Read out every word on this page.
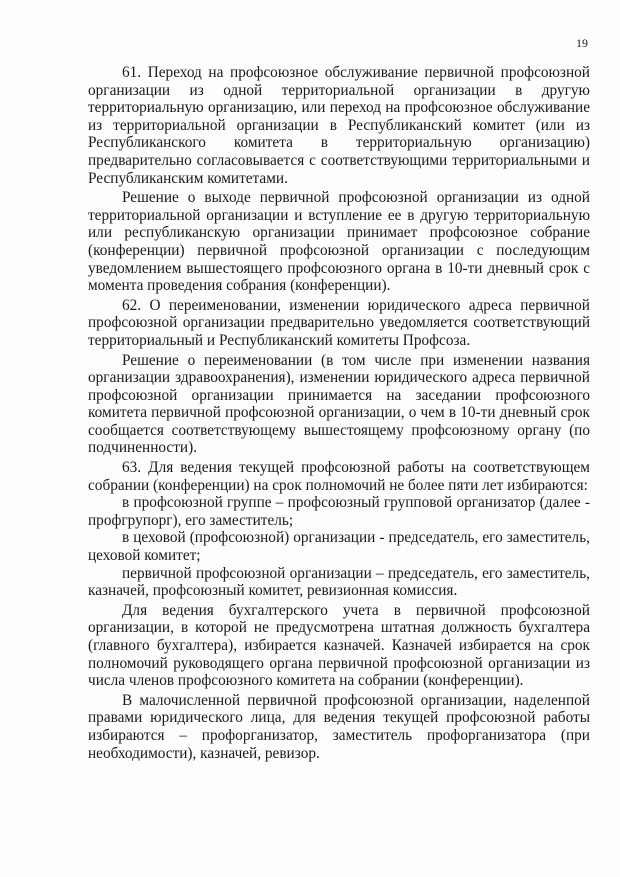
19

61. Переход на профсоюзное обслуживание первичной профсоюзной организации из одной территориальной организации в другую территориальную организацию, или переход на профсоюзное обслуживание из территориальной организации в Республиканский комитет (или из Республиканского комитета в территориальную организацию) предварительно согласовывается с соответствующими территориальными и Республиканским комитетами.

Решение о выходе первичной профсоюзной организации из одной территориальной организации и вступление ее в другую территориальную или республиканскую организации принимает профсоюзное собрание (конференции) первичной профсоюзной организации с последующим уведомлением вышестоящего профсоюзного органа в 10-ти дневный срок с момента проведения собрания (конференции).

62. О переименовании, изменении юридического адреса первичной профсоюзной организации предварительно уведомляется соответствующий территориальный и Республиканский комитеты Профсоза.

Решение о переименовании (в том числе при изменении названия организации здравоохранения), изменении юридического адреса первичной профсоюзной организации принимается на заседании профсоюзного комитета первичной профсоюзной организации, о чем в 10-ти дневный срок сообщается соответствующему вышестоящему профсоюзному органу (по подчиненности).

63. Для ведения текущей профсоюзной работы на соответствующем собрании (конференции) на срок полномочий не более пяти лет избираются:

в профсоюзной группе – профсоюзный групповой организатор (далее - профгрупорг), его заместитель;

в цеховой (профсоюзной) организации - председатель, его заместитель, цеховой комитет;

первичной профсоюзной организации – председатель, его заместитель, казначей, профсоюзный комитет, ревизионная комиссия.

Для ведения бухгалтерского учета в первичной профсоюзной организации, в которой не предусмотрена штатная должность бухгалтера (главного бухгалтера), избирается казначей. Казначей избирается на срок полномочий руководящего органа первичной профсоюзной организации из числа членов профсоюзного комитета на собрании (конференции).

В малочисленной первичной профсоюзной организации, наделенпой правами юридического лица, для ведения текущей профсоюзной работы избираются – профорганизатор, заместитель профорганизатора (при необходимости), казначей, ревизор.
